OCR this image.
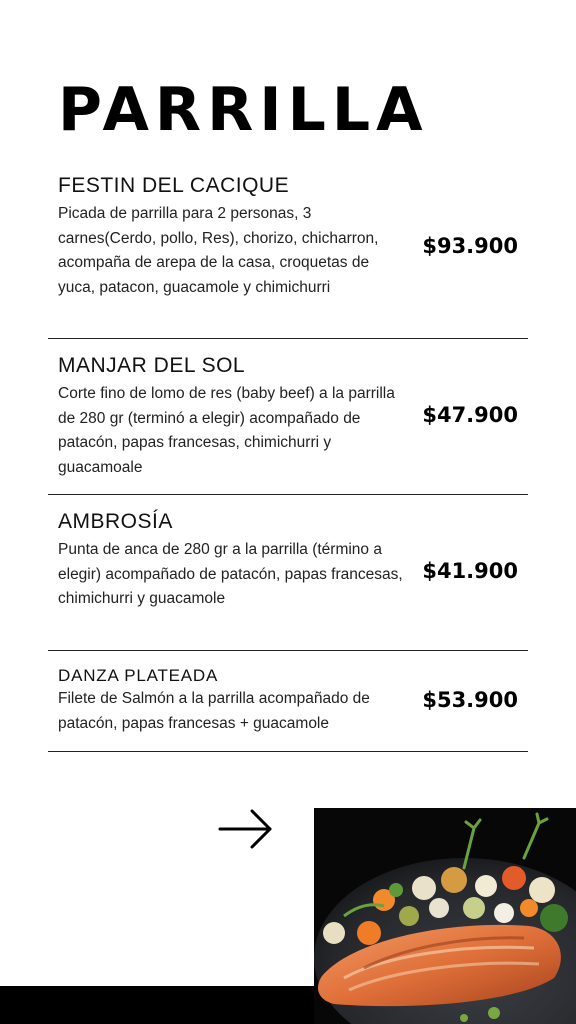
PARRILLA
FESTIN DEL CACIQUE

Picada de parrilla para 2 personas, 3 carnes(Cerdo, pollo, Res), chorizo, chicharron, acompaña de arepa de la casa, croquetas de yuca, patacon, guacamole y chimichurri

$93.900
MANJAR DEL SOL

Corte fino de lomo de res (baby beef) a la parrilla de 280 gr (terminó a elegir) acompañado de patacón, papas francesas, chimichurri y guacamoale

$47.900
AMBROSÍA

Punta de anca de 280 gr a la parrilla (término a elegir) acompañado de patacón, papas francesas, chimichurri y guacamole

$41.900
DANZA PLATEADA

Filete de Salmón a la parrilla acompañado de patacón, papas francesas + guacamole

$53.900
